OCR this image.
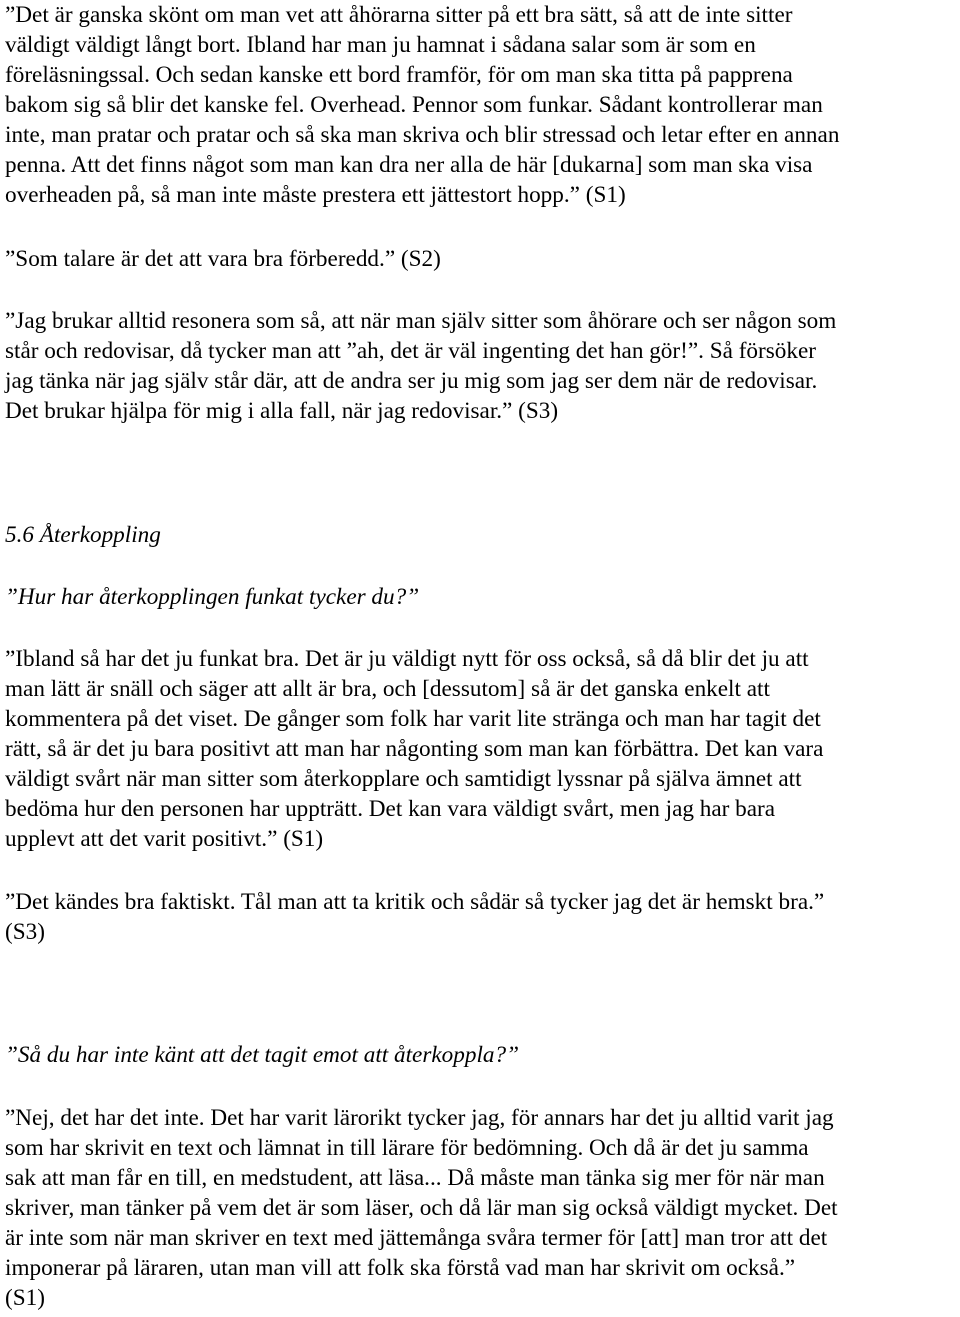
”Det är ganska skönt om man vet att åhörarna sitter på ett bra sätt, så att de inte sitter
väldigt väldigt långt bort. Ibland har man ju hamnat i sådana salar som är som en
föreläsningssal. Och sedan kanske ett bord framför, för om man ska titta på papprena
bakom sig så blir det kanske fel. Overhead. Pennor som funkar. Sådant kontrollerar man
inte, man pratar och pratar och så ska man skriva och blir stressad och letar efter en annan
penna. Att det finns något som man kan dra ner alla de här [dukarna] som man ska visa
overheaden på, så man inte måste prestera ett jättestort hopp.” (S1)

”Som talare är det att vara bra förberedd.” (S2)

”Jag brukar alltid resonera som så, att när man själv sitter som åhörare och ser någon som
står och redovisar, då tycker man att ”ah, det är väl ingenting det han gör!”. Så försöker
jag tänka när jag själv står där, att de andra ser ju mig som jag ser dem när de redovisar.
Det brukar hjälpa för mig i alla fall, när jag redovisar.” (S3)

5.6 Återkoppling

”Hur har återkopplingen funkat tycker du?”

”Ibland så har det ju funkat bra. Det är ju väldigt nytt för oss också, så då blir det ju att
man lätt är snäll och säger att allt är bra, och [dessutom] så är det ganska enkelt att
kommentera på det viset. De gånger som folk har varit lite stränga och man har tagit det
rätt, så är det ju bara positivt att man har någonting som man kan förbättra. Det kan vara
väldigt svårt när man sitter som återkopplare och samtidigt lyssnar på själva ämnet att
bedöma hur den personen har uppträtt. Det kan vara väldigt svårt, men jag har bara
upplevt att det varit positivt.” (S1)

”Det kändes bra faktiskt. Tål man att ta kritik och sådär så tycker jag det är hemskt bra.”
(S3)

”Så du har inte känt att det tagit emot att återkoppla?”

”Nej, det har det inte. Det har varit lärorikt tycker jag, för annars har det ju alltid varit jag
som har skrivit en text och lämnat in till lärare för bedömning. Och då är det ju samma
sak att man får en till, en medstudent, att läsa... Då måste man tänka sig mer för när man
skriver, man tänker på vem det är som läser, och då lär man sig också väldigt mycket. Det
är inte som när man skriver en text med jättemånga svåra termer för [att] man tror att det
imponerar på läraren, utan man vill att folk ska förstå vad man har skrivit om också.”
(S1)
